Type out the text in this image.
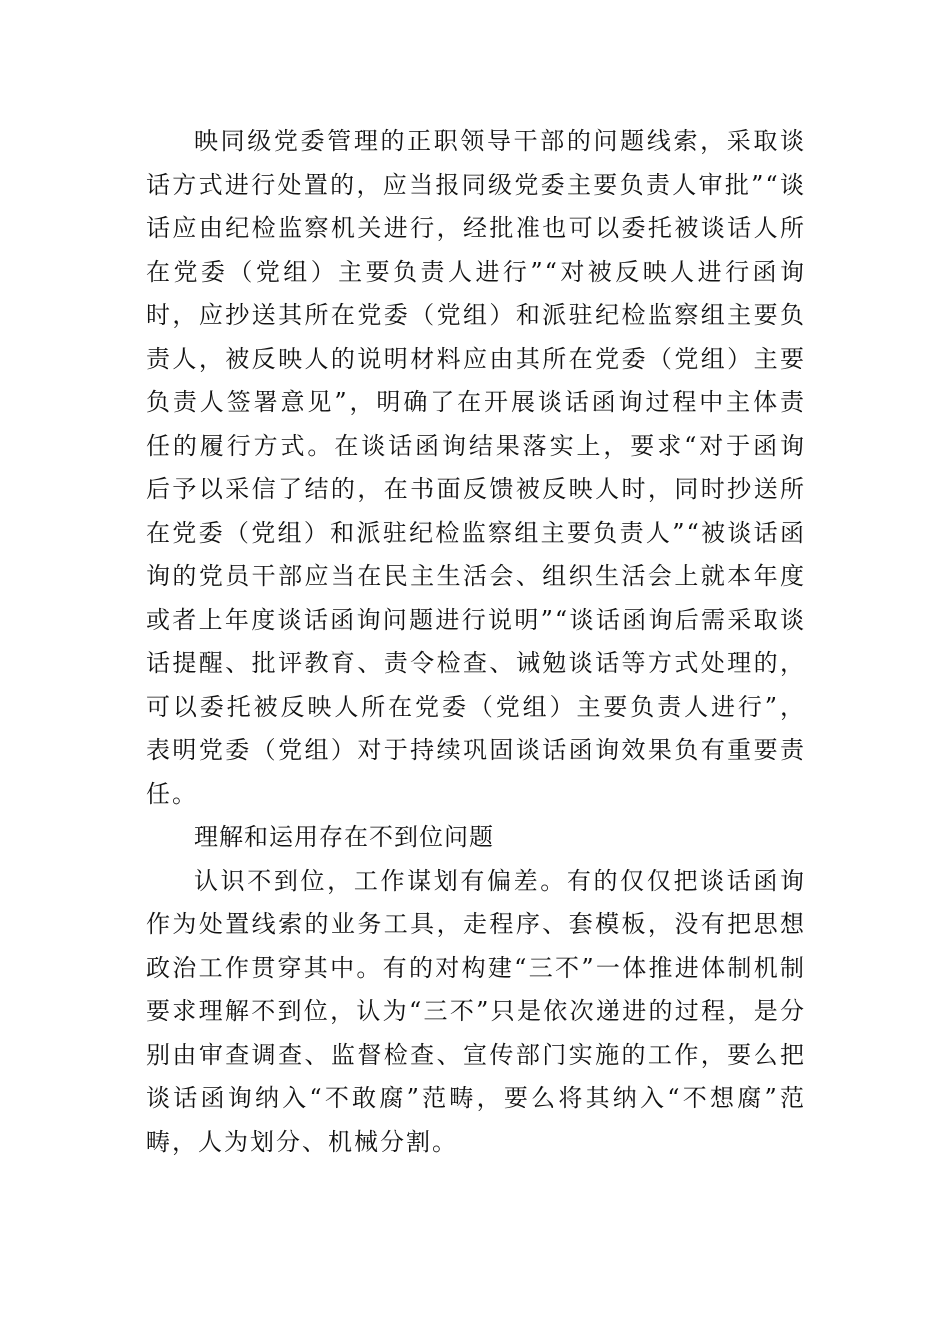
映同级党委管理的正职领导干部的问题线索，采取谈话方式进行处置的，应当报同级党委主要负责人审批”“谈话应由纪检监察机关进行，经批准也可以委托被谈话人所在党委（党组）主要负责人进行”“对被反映人进行函询时，应抄送其所在党委（党组）和派驻纪检监察组主要负责人，被反映人的说明材料应由其所在党委（党组）主要负责人签署意见”，明确了在开展谈话函询过程中主体责任的履行方式。在谈话函询结果落实上，要求“对于函询后予以采信了结的，在书面反馈被反映人时，同时抄送所在党委（党组）和派驻纪检监察组主要负责人”“被谈话函询的党员干部应当在民主生活会、组织生活会上就本年度或者上年度谈话函询问题进行说明”“谈话函询后需采取谈话提醒、批评教育、责令检查、诫勉谈话等方式处理的，可以委托被反映人所在党委（党组）主要负责人进行”，表明党委（党组）对于持续巩固谈话函询效果负有重要责任。

理解和运用存在不到位问题

认识不到位，工作谋划有偏差。有的仅仅把谈话函询作为处置线索的业务工具，走程序、套模板，没有把思想政治工作贯穿其中。有的对构建“三不”一体推进体制机制要求理解不到位，认为“三不”只是依次递进的过程，是分别由审查调查、监督检查、宣传部门实施的工作，要么把谈话函询纳入“不敢腐”范畴，要么将其纳入“不想腐”范畴，人为划分、机械分割。
